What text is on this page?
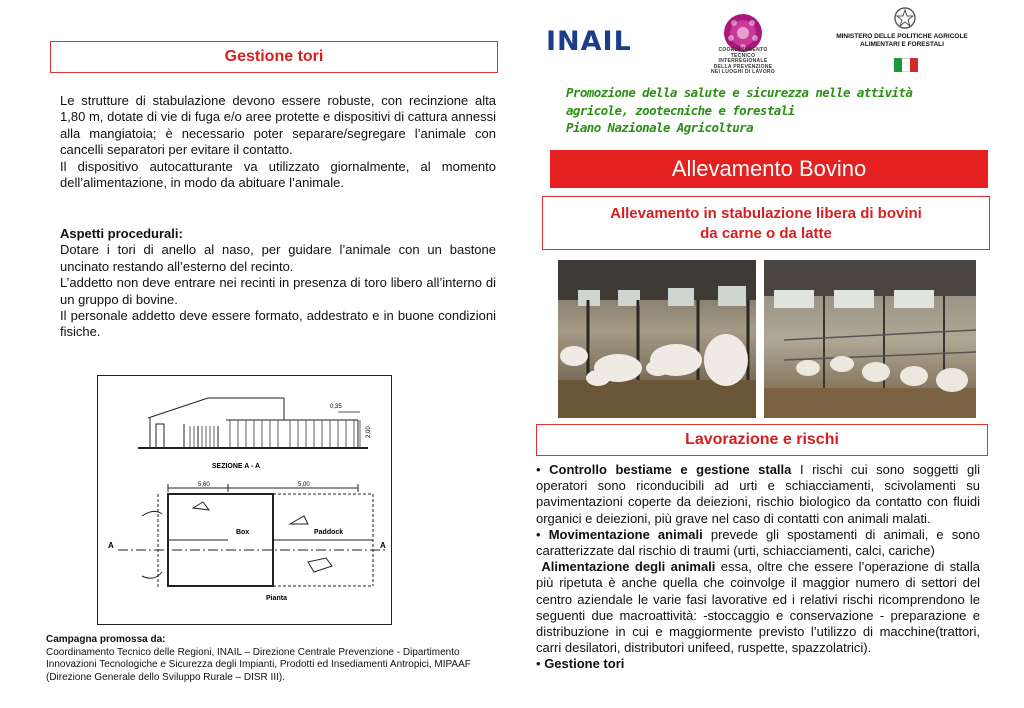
Gestione tori
Le strutture di stabulazione devono essere robuste, con recinzione alta 1,80 m, dotate di vie di fuga e/o aree protette e dispositivi di cattura annessi alla mangiatoia; è necessario poter separare/segregare l’animale con cancelli separatori per evitare il contatto.
Il dispositivo autocatturante va utilizzato giornalmente, al momento dell’alimentazione, in modo da abituare l’animale.
Aspetti procedurali:
Dotare i tori di anello al naso, per guidare l’animale con un bastone uncinato restando all’esterno del recinto.
L’addetto non deve entrare nei recinti in presenza di toro libero all’interno di un gruppo di bovine.
Il personale addetto deve essere formato, addestrato e in buone condizioni fisiche.
0,35
2,00
SEZIONE A - A
5,60	5,00
Box	Paddock
A	A
Pianta
Campagna promossa da:
Coordinamento Tecnico delle Regioni, INAIL – Direzione Centrale Prevenzione - Dipartimento Innovazioni Tecnologiche e Sicurezza degli Impianti, Prodotti ed Insediamenti Antropici, MIPAAF (Direzione Generale dello Sviluppo Rurale – DISR III).
INAIL	COORDINAMENTO
TECNICO
INTERREGIONALE
DELLA PREVENZIONE
NEI LUOGHI DI LAVORO
MINISTERO DELLE POLITICHE AGRICOLE
ALIMENTARI E FORESTALI
Promozione della salute e sicurezza nelle attività agricole, zootecniche e forestali
Piano Nazionale Agricoltura
Allevamento Bovino
Allevamento in stabulazione libera di bovini
da carne o da latte
Lavorazione e rischi
• Controllo bestiame e gestione stalla I rischi cui sono soggetti gli operatori sono riconducibili ad urti e schiacciamenti, scivolamenti su pavimentazioni coperte da deiezioni, rischio biologico da contatto con fluidi organici e deiezioni, più grave nel caso di contatti con animali malati.
• Movimentazione animali prevede gli spostamenti di animali, e sono caratterizzate dal rischio di traumi (urti, schiacciamenti, calci, cariche)
Alimentazione degli animali essa, oltre che essere l’operazione di stalla più ripetuta è anche quella che coinvolge il maggior numero di settori del centro aziendale le varie fasi lavorative ed i relativi rischi ricomprendono le seguenti due macroattività: -stoccaggio e conservazione - preparazione e distribuzione in cui e maggiormente previsto l’utilizzo di macchine(trattori, carri desilatori, distributori unifeed, ruspette, spazzolatrici).
• Gestione tori
